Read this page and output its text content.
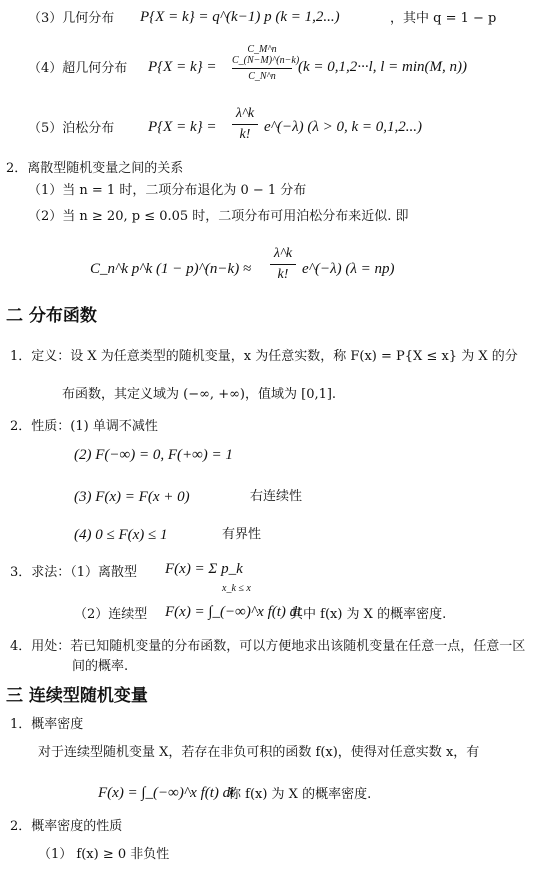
（3）几何分布 P{X = k} = q^(k−1) p (k = 1,2...)	，其中 q = 1 − p
（4）超几何分布 P{X = k} =
C_M^n C_(N−M)^(n−k)
C_N^n
(k = 0,1,2···l, l = min(M, n))
（5）泊松分布 P{X = k} =
λ^k
k! e^(−λ) (λ > 0, k = 0,1,2...)
2．离散型随机变量之间的关系
（1）当 n = 1 时，二项分布退化为 0 − 1 分布
（2）当 n ≥ 20, p ≤ 0.05 时，二项分布可用泊松分布来近似. 即
C_n^k p^k (1 − p)^(n−k) ≈
λ^k
k! e^(−λ) (λ = np)
二 分布函数
1．定义：设 X 为任意类型的随机变量，x 为任意实数，称 F(x) = P{X ≤ x} 为 X 的分
布函数，其定义域为 (−∞, +∞)，值域为 [0,1].
2．性质：(1) 单调不减性
(2) F(−∞) = 0, F(+∞) = 1
(3) F(x) = F(x + 0)	右连续性
(4) 0 ≤ F(x) ≤ 1	有界性
3．求法：（1）离散型 F(x) = Σ p_k
x_k ≤ x
（2）连续型 F(x) = ∫_(−∞)^x f(t) dt
其中 f(x) 为 X 的概率密度.
4．用处：若已知随机变量的分布函数，可以方便地求出该随机变量在任意一点，任意一区
间的概率.
三 连续型随机变量
1．概率密度
对于连续型随机变量 X，若存在非负可积的函数 f(x)，使得对任意实数 x，有
F(x) = ∫_(−∞)^x f(t) dt
称 f(x) 为 X 的概率密度.
2．概率密度的性质
（1） f(x) ≥ 0 非负性
